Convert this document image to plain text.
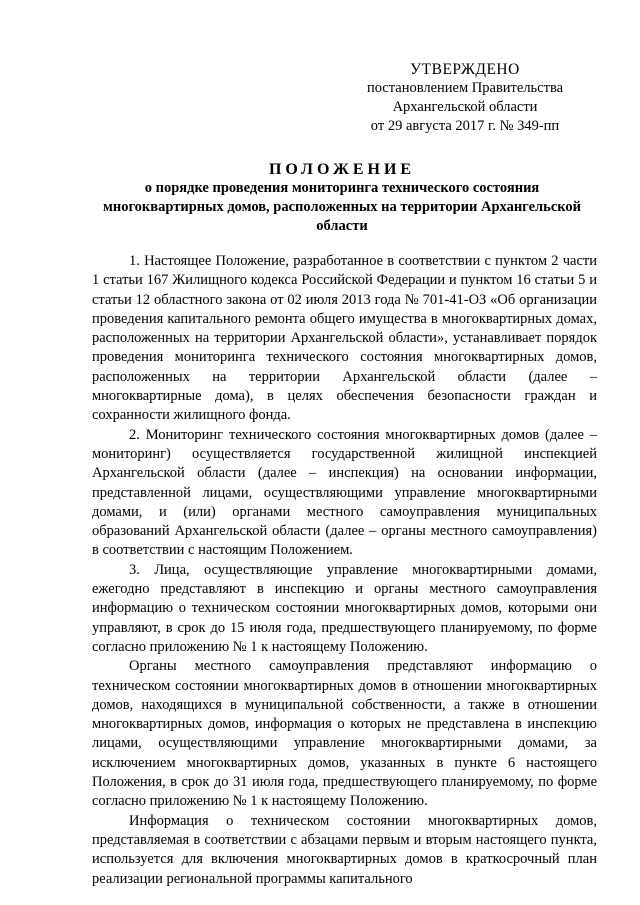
УТВЕРЖДЕНО
постановлением Правительства
Архангельской области
от 29 августа 2017 г. № 349-пп
ПОЛОЖЕНИЕ
о порядке проведения мониторинга технического состояния многоквартирных домов, расположенных на территории Архангельской области

1. Настоящее Положение, разработанное в соответствии с пунктом 2 части 1 статьи 167 Жилищного кодекса Российской Федерации и пунктом 16 статьи 5 и статьи 12 областного закона от 02 июля 2013 года № 701-41-ОЗ «Об организации проведения капитального ремонта общего имущества в многоквартирных домах, расположенных на территории Архангельской области», устанавливает порядок проведения мониторинга технического состояния многоквартирных домов, расположенных на территории Архангельской области (далее – многоквартирные дома), в целях обеспечения безопасности граждан и сохранности жилищного фонда.

2. Мониторинг технического состояния многоквартирных домов (далее – мониторинг) осуществляется государственной жилищной инспекцией Архангельской области (далее – инспекция) на основании информации, представленной лицами, осуществляющими управление многоквартирными домами, и (или) органами местного самоуправления муниципальных образований Архангельской области (далее – органы местного самоуправления) в соответствии с настоящим Положением.

3. Лица, осуществляющие управление многоквартирными домами, ежегодно представляют в инспекцию и органы местного самоуправления информацию о техническом состоянии многоквартирных домов, которыми они управляют, в срок до 15 июля года, предшествующего планируемому, по форме согласно приложению № 1 к настоящему Положению.

Органы местного самоуправления представляют информацию о техническом состоянии многоквартирных домов в отношении многоквартирных домов, находящихся в муниципальной собственности, а также в отношении многоквартирных домов, информация о которых не представлена в инспекцию лицами, осуществляющими управление многоквартирными домами, за исключением многоквартирных домов, указанных в пункте 6 настоящего Положения, в срок до 31 июля года, предшествующего планируемому, по форме согласно приложению № 1 к настоящему Положению.

Информация о техническом состоянии многоквартирных домов, представляемая в соответствии с абзацами первым и вторым настоящего пункта, используется для включения многоквартирных домов в краткосрочный план реализации региональной программы капитального
